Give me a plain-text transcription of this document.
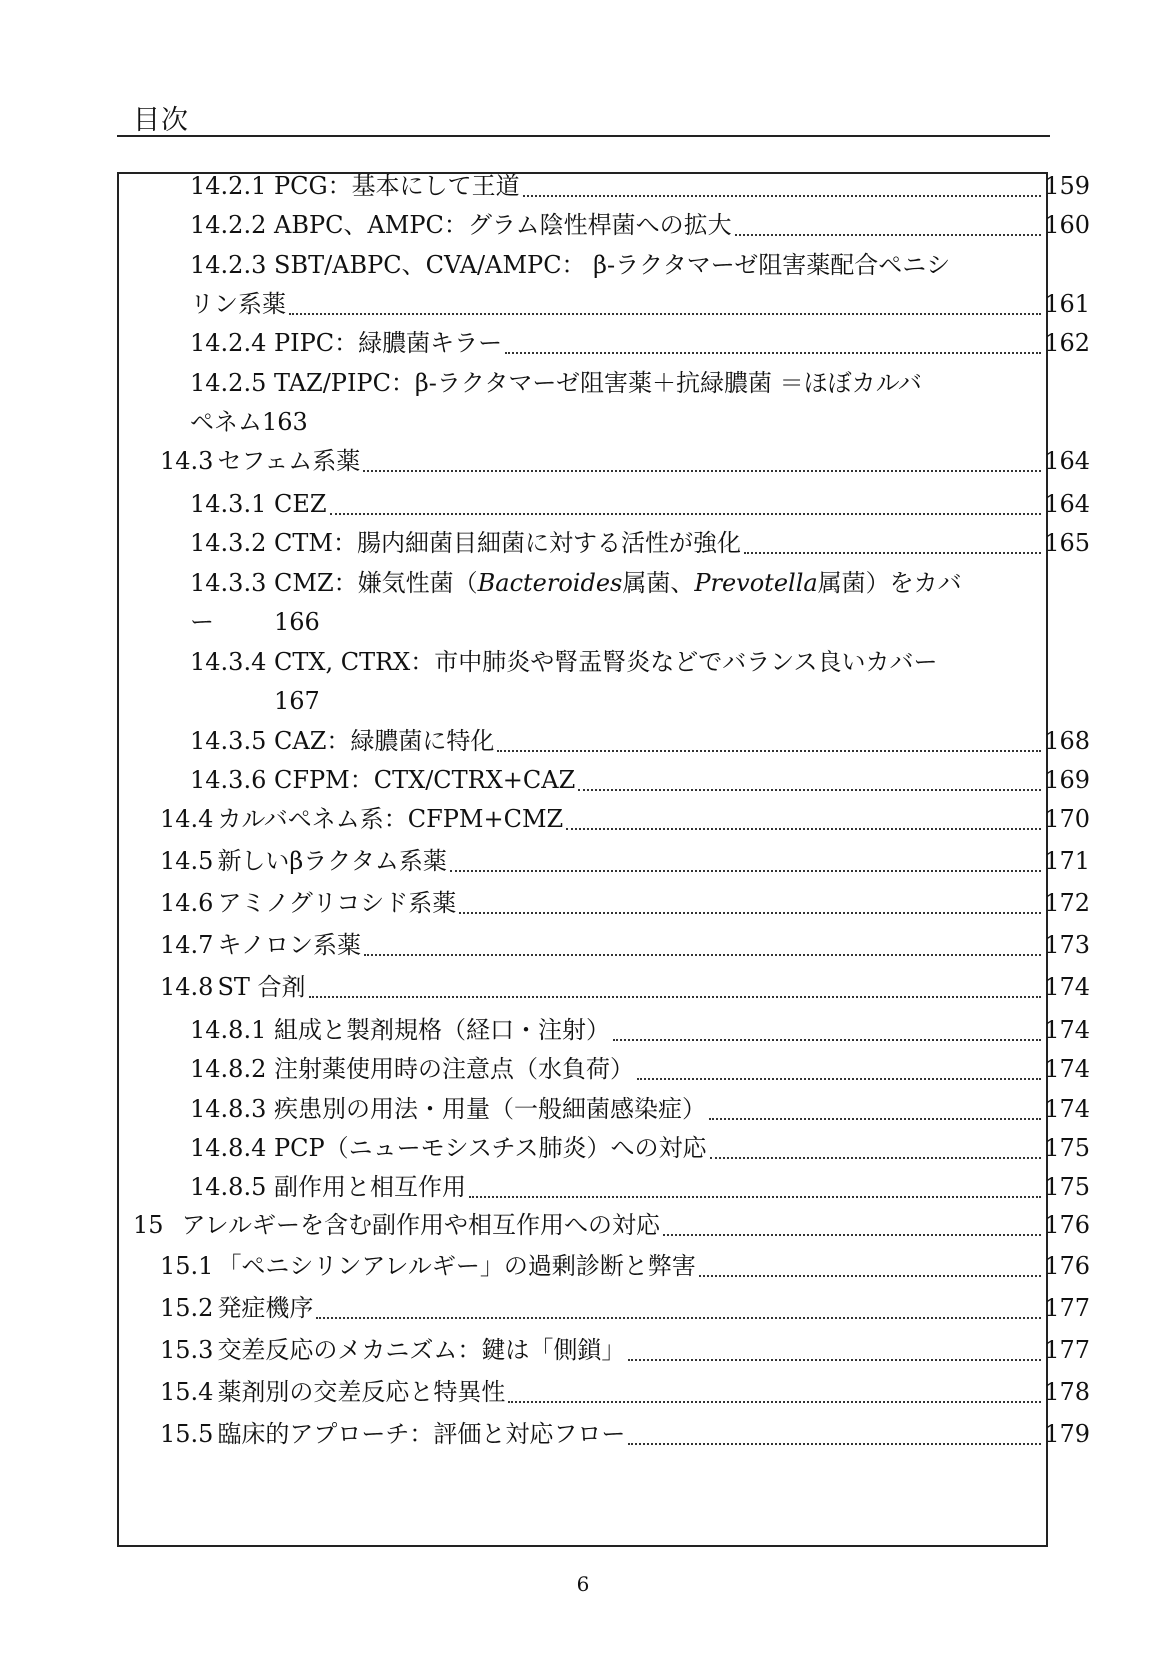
目次
14.2.1 PCG：基本にして王道	159
14.2.2 ABPC、AMPC：グラム陰性桿菌への拡大	160
14.2.3 SBT/ABPC、CVA/AMPC： β-ラクタマーゼ阻害薬配合ペニシ
リン系薬	161
14.2.4 PIPC：緑膿菌キラー	162
14.2.5 TAZ/PIPC：β-ラクタマーゼ阻害薬＋抗緑膿菌 ＝ほぼカルバ
ペネム 163
14.3 セフェム系薬	164
14.3.1 CEZ	164
14.3.2 CTM：腸内細菌目細菌に対する活性が強化	165
14.3.3 CMZ：嫌気性菌（Bacteroides属菌、Prevotella属菌）をカバ
ー	166
14.3.4 CTX, CTRX：市中肺炎や腎盂腎炎などでバランス良いカバー
167
14.3.5 CAZ：緑膿菌に特化	168
14.3.6 CFPM：CTX/CTRX+CAZ	169
14.4 カルバペネム系：CFPM+CMZ	170
14.5 新しいβラクタム系薬	171
14.6 アミノグリコシド系薬	172
14.7 キノロン系薬	173
14.8 ST 合剤	174
14.8.1 組成と製剤規格（経口・注射）	174
14.8.2 注射薬使用時の注意点（水負荷）	174
14.8.3 疾患別の用法・用量（一般細菌感染症）	174
14.8.4 PCP（ニューモシスチス肺炎）への対応	175
14.8.5 副作用と相互作用	175
15 アレルギーを含む副作用や相互作用への対応	176
15.1 「ペニシリンアレルギー」の過剰診断と弊害	176
15.2 発症機序	177
15.3 交差反応のメカニズム：鍵は「側鎖」	177
15.4 薬剤別の交差反応と特異性	178
15.5 臨床的アプローチ：評価と対応フロー	179
6
